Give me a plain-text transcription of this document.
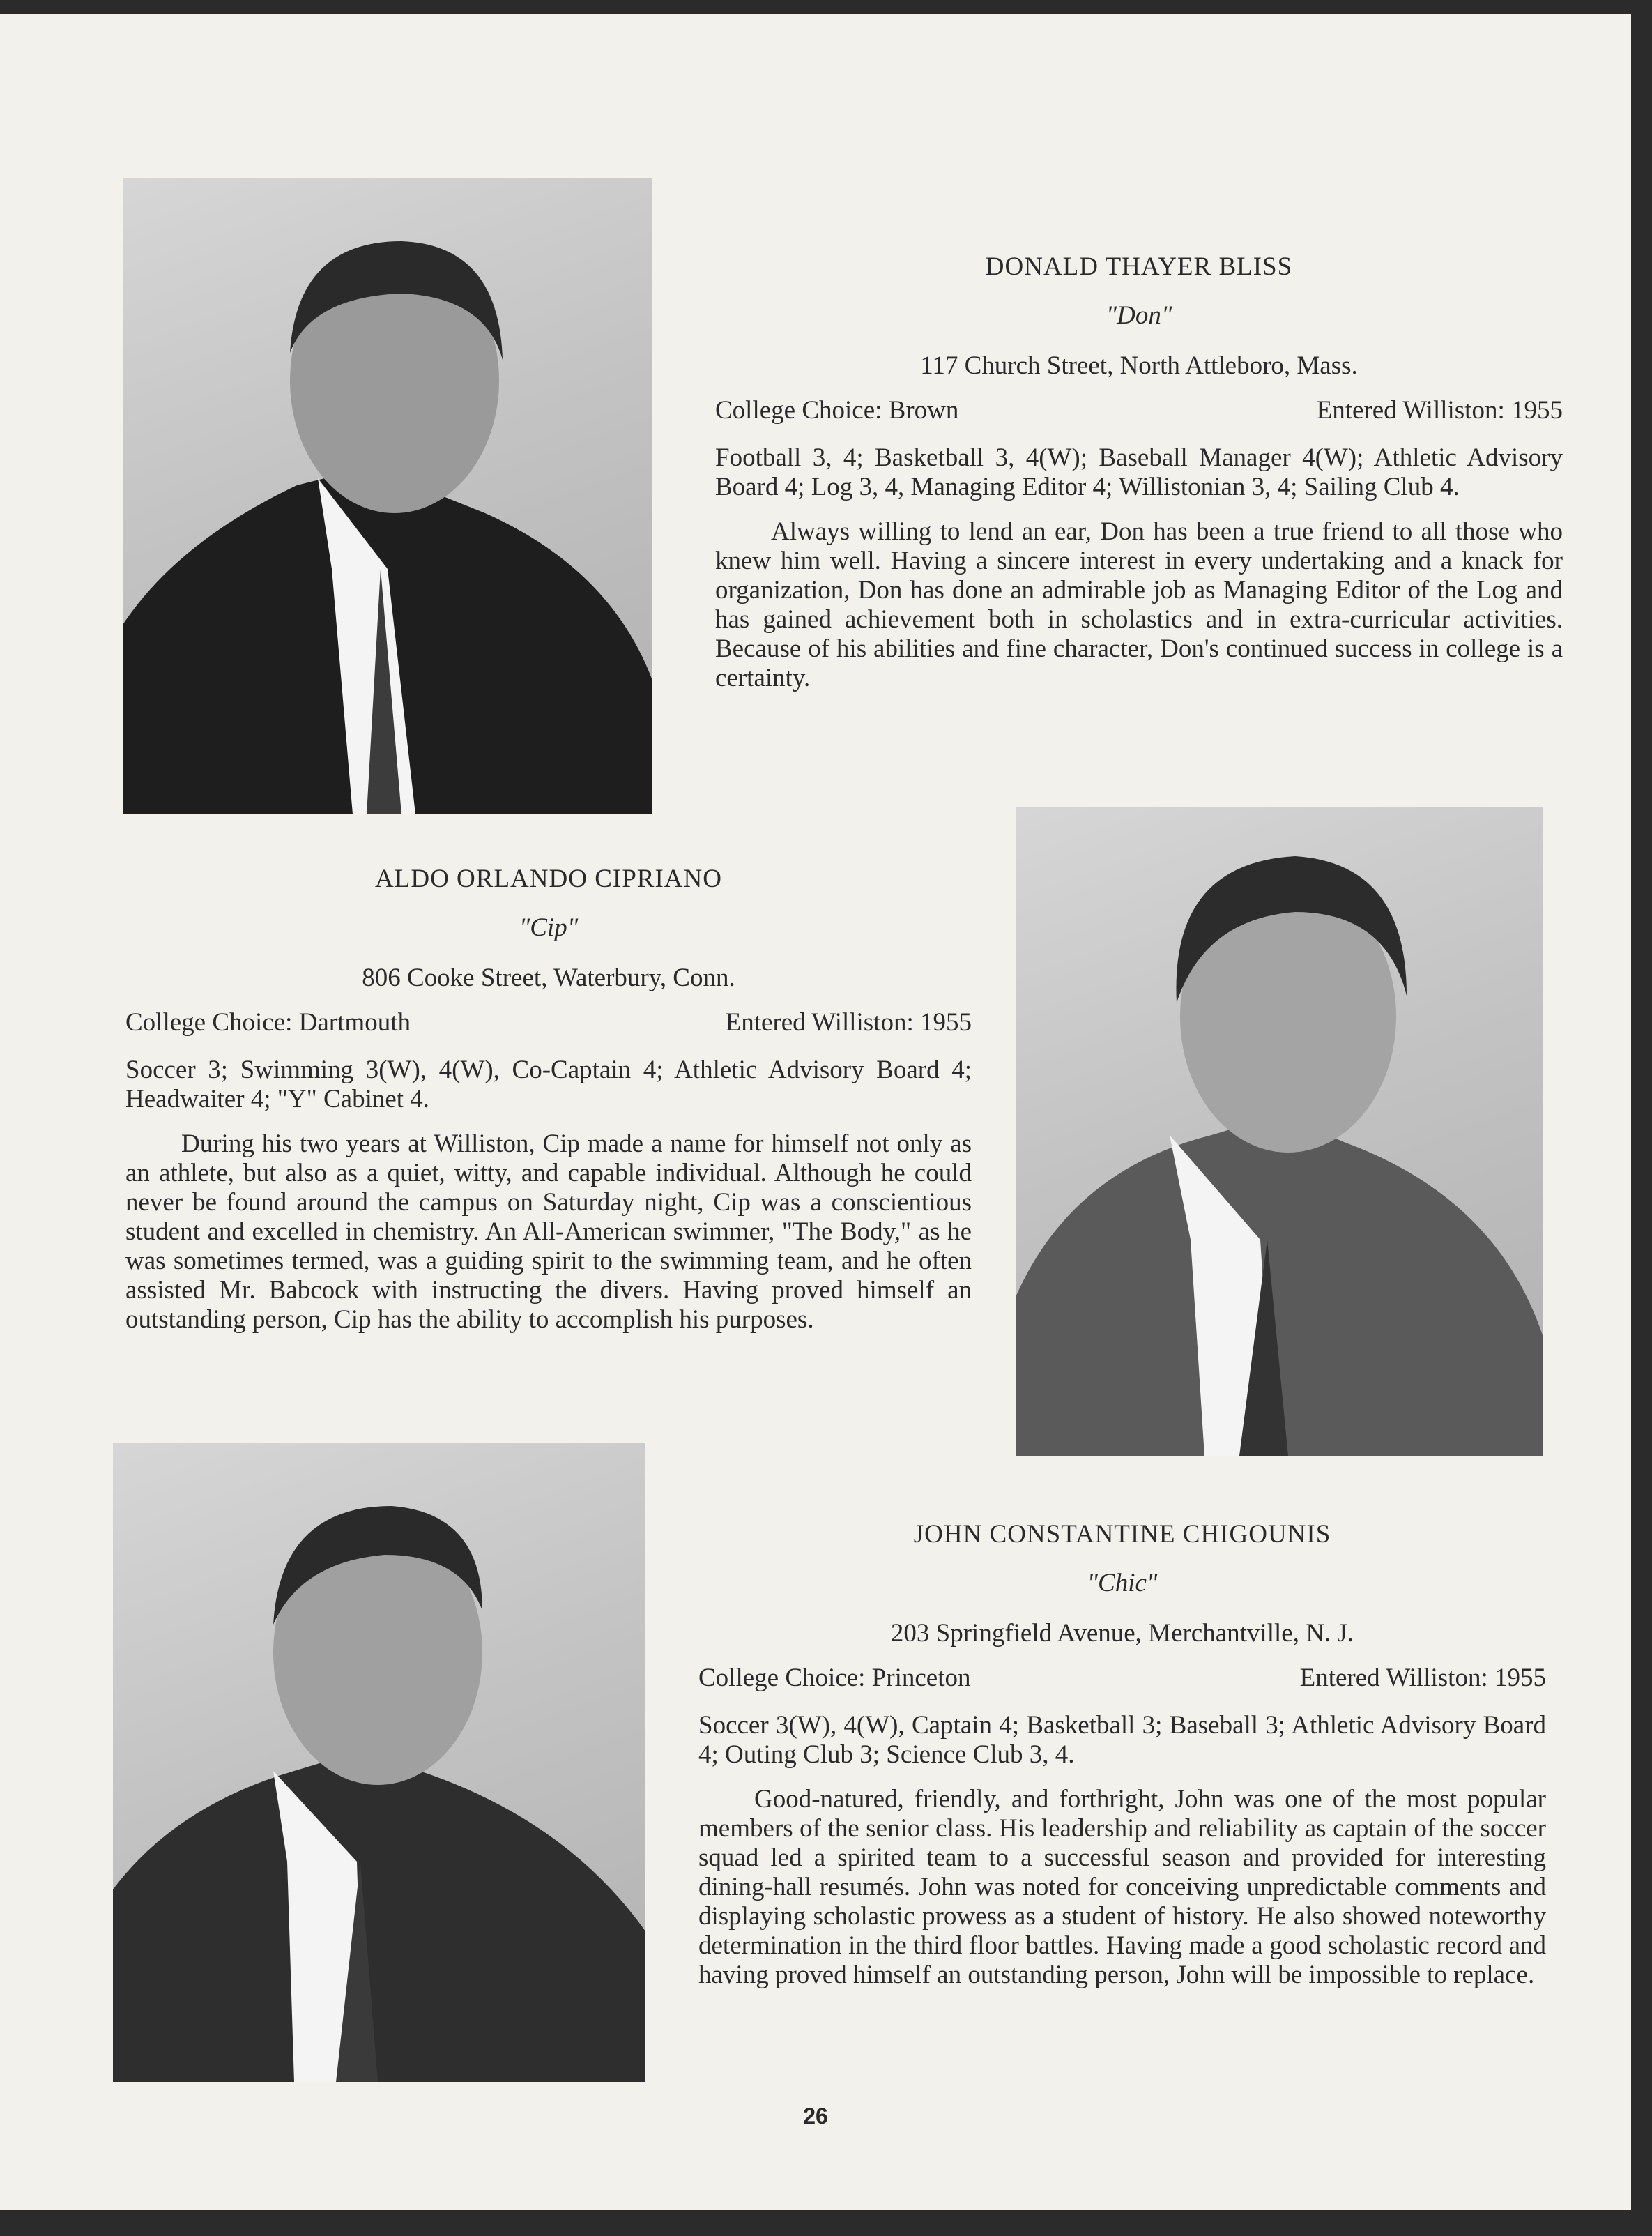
DONALD THAYER BLISS

"Don"

117 Church Street, North Attleboro, Mass.

College Choice: Brown	Entered Williston: 1955

Football 3, 4; Basketball 3, 4(W); Baseball Manager 4(W); Athletic Advisory Board 4; Log 3, 4, Managing Editor 4; Willistonian 3, 4; Sailing Club 4.

Always willing to lend an ear, Don has been a true friend to all those who knew him well. Having a sincere interest in every undertaking and a knack for organization, Don has done an admirable job as Managing Editor of the Log and has gained achievement both in scholastics and in extra-curricular activities. Because of his abilities and fine character, Don's continued success in college is a certainty.

ALDO ORLANDO CIPRIANO

"Cip"

806 Cooke Street, Waterbury, Conn.

College Choice: Dartmouth	Entered Williston: 1955

Soccer 3; Swimming 3(W), 4(W), Co-Captain 4; Athletic Advisory Board 4; Headwaiter 4; "Y" Cabinet 4.

During his two years at Williston, Cip made a name for himself not only as an athlete, but also as a quiet, witty, and capable individual. Although he could never be found around the campus on Saturday night, Cip was a conscientious student and excelled in chemistry. An All-American swimmer, "The Body," as he was sometimes termed, was a guiding spirit to the swimming team, and he often assisted Mr. Babcock with instructing the divers. Having proved himself an outstanding person, Cip has the ability to accomplish his purposes.

JOHN CONSTANTINE CHIGOUNIS

"Chic"

203 Springfield Avenue, Merchantville, N. J.

College Choice: Princeton	Entered Williston: 1955

Soccer 3(W), 4(W), Captain 4; Basketball 3; Baseball 3; Athletic Advisory Board 4; Outing Club 3; Science Club 3, 4.

Good-natured, friendly, and forthright, John was one of the most popular members of the senior class. His leadership and reliability as captain of the soccer squad led a spirited team to a successful season and provided for interesting dining-hall resumés. John was noted for conceiving unpredictable comments and displaying scholastic prowess as a student of history. He also showed noteworthy determination in the third floor battles. Having made a good scholastic record and having proved himself an outstanding person, John will be impossible to replace.

26
